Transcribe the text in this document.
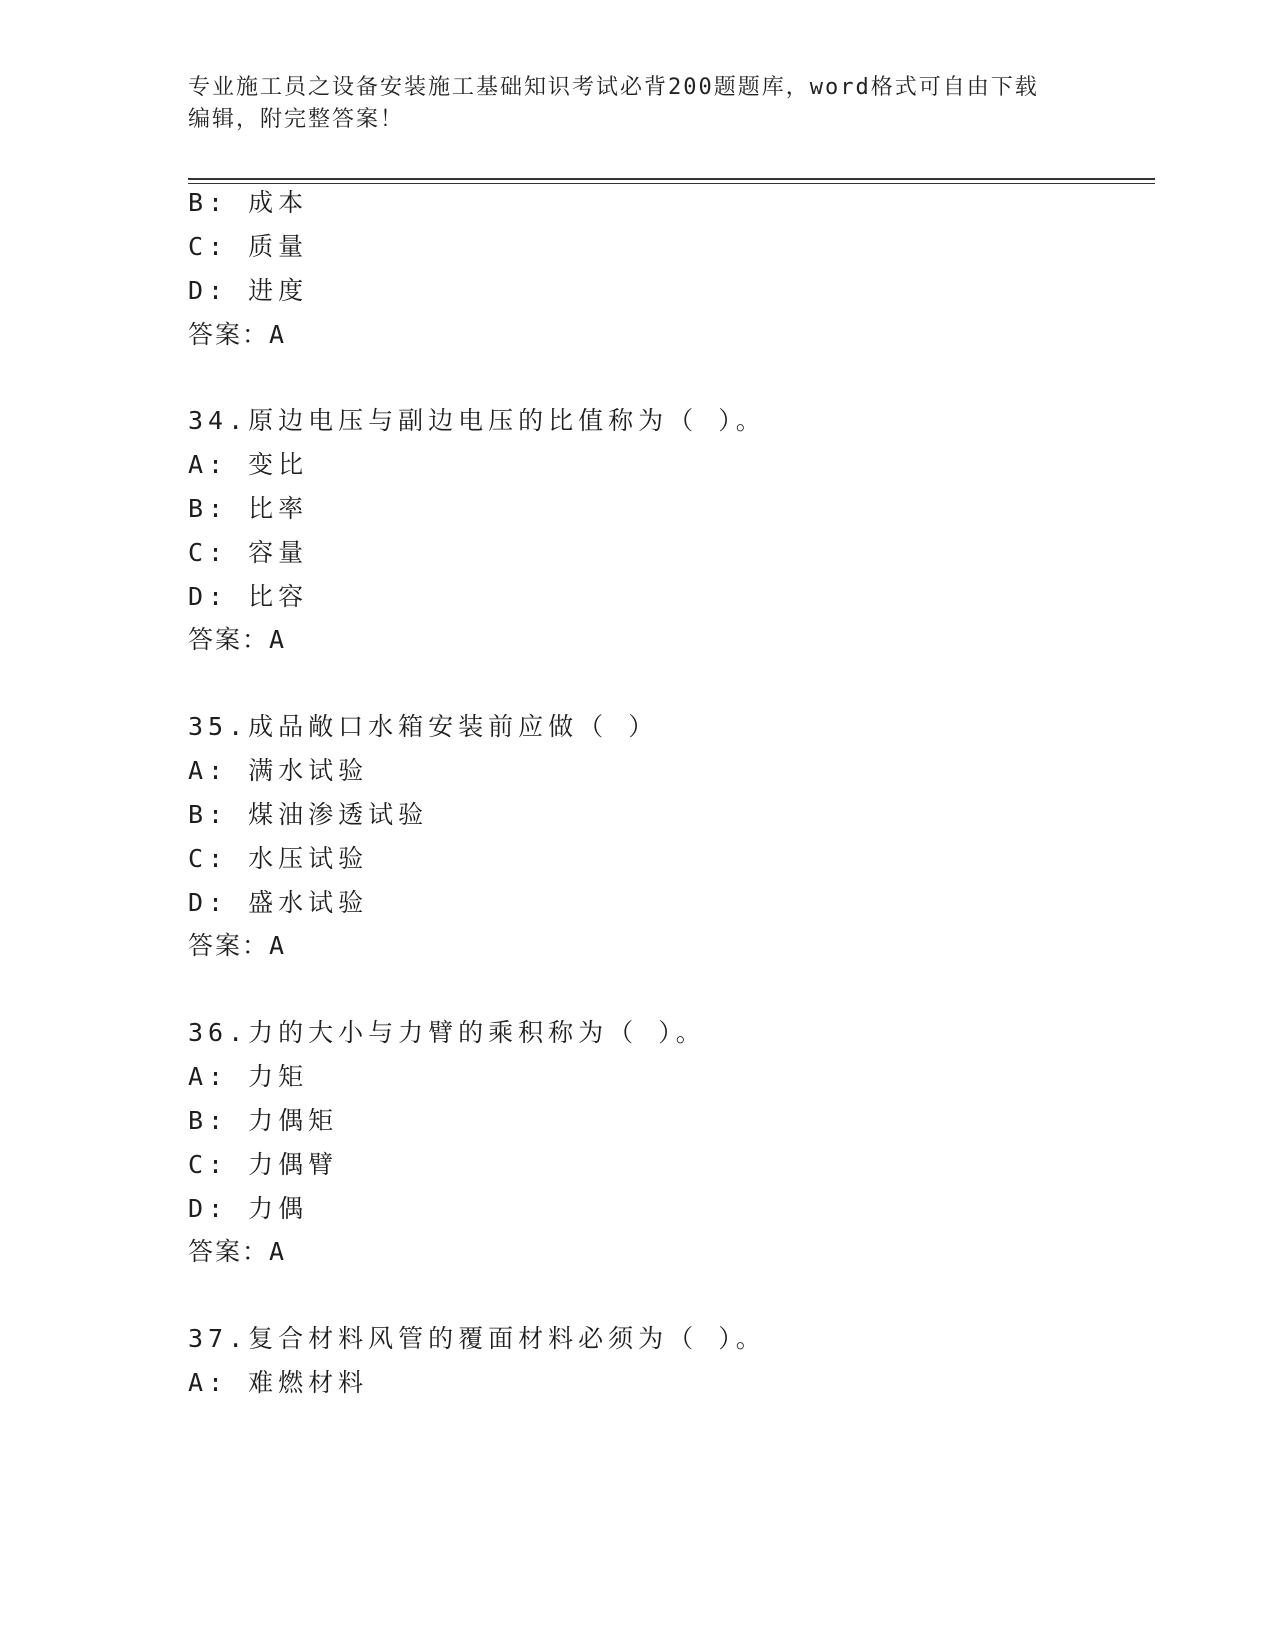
专业施工员之设备安装施工基础知识考试必背200题题库，word格式可自由下载
编辑，附完整答案！
B: 成本
C: 质量
D: 进度
答案：A
34.原边电压与副边电压的比值称为（ ）。
A: 变比
B: 比率
C: 容量
D: 比容
答案：A
35.成品敞口水箱安装前应做（ ）
A: 满水试验
B: 煤油渗透试验
C: 水压试验
D: 盛水试验
答案：A
36.力的大小与力臂的乘积称为（ ）。
A: 力矩
B: 力偶矩
C: 力偶臂
D: 力偶
答案：A
37.复合材料风管的覆面材料必须为（ ）。
A: 难燃材料
